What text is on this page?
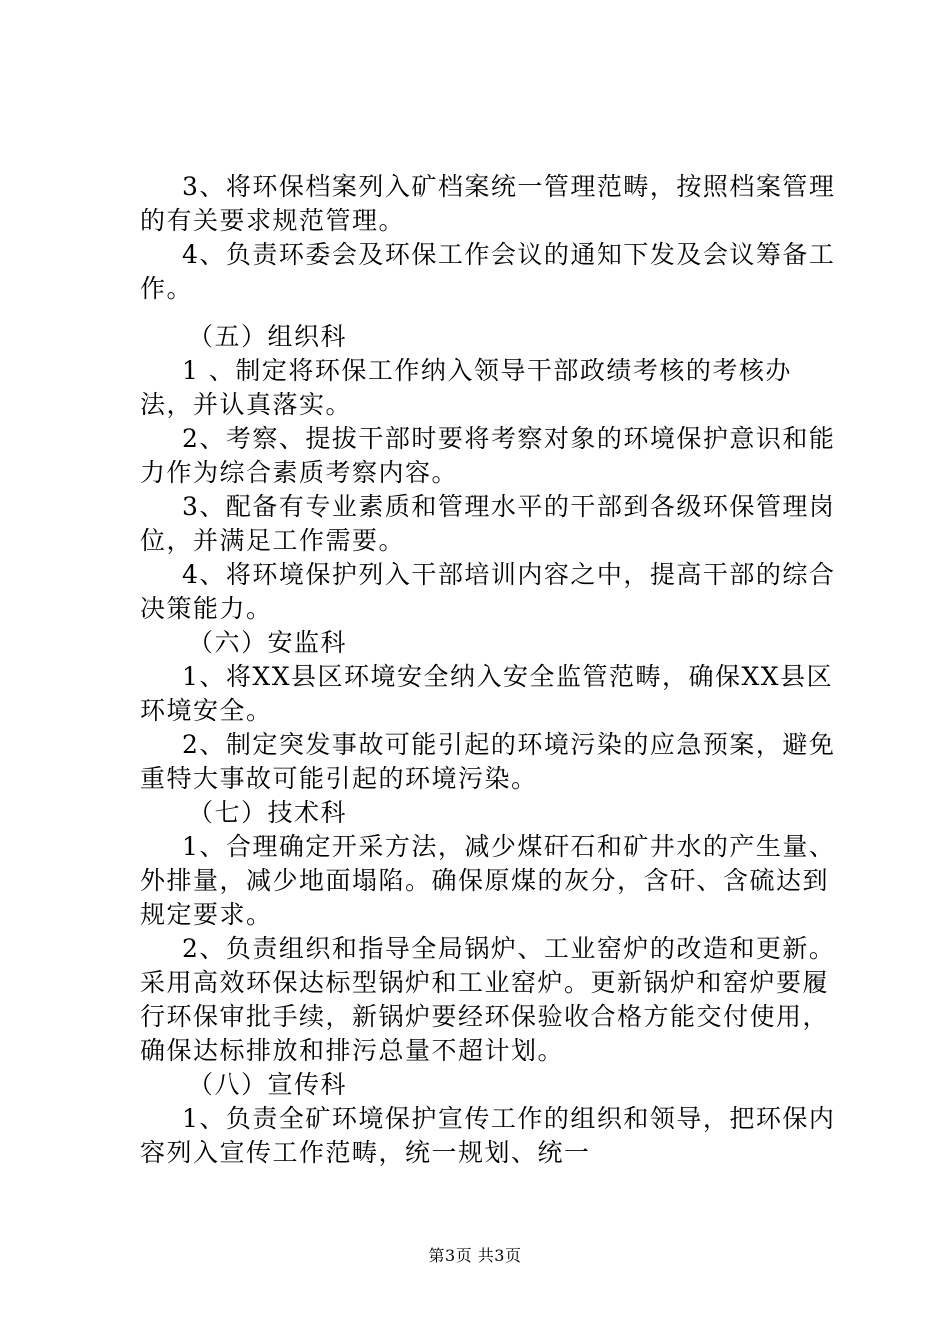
3、将环保档案列入矿档案统一管理范畴，按照档案管理的有关要求规范管理。

4、负责环委会及环保工作会议的通知下发及会议筹备工作。

（五）组织科

1 、制定将环保工作纳入领导干部政绩考核的考核办法，并认真落实。

2、考察、提拔干部时要将考察对象的环境保护意识和能力作为综合素质考察内容。

3、配备有专业素质和管理水平的干部到各级环保管理岗位，并满足工作需要。

4、将环境保护列入干部培训内容之中，提高干部的综合决策能力。

（六）安监科

1、将XX县区环境安全纳入安全监管范畴，确保XX县区环境安全。

2、制定突发事故可能引起的环境污染的应急预案，避免重特大事故可能引起的环境污染。

（七）技术科

1、合理确定开采方法，减少煤矸石和矿井水的产生量、外排量，减少地面塌陷。确保原煤的灰分，含矸、含硫达到规定要求。

2、负责组织和指导全局锅炉、工业窑炉的改造和更新。采用高效环保达标型锅炉和工业窑炉。更新锅炉和窑炉要履行环保审批手续，新锅炉要经环保验收合格方能交付使用，确保达标排放和排污总量不超计划。

（八）宣传科

1、负责全矿环境保护宣传工作的组织和领导，把环保内容列入宣传工作范畴，统一规划、统一

第3页 共3页
